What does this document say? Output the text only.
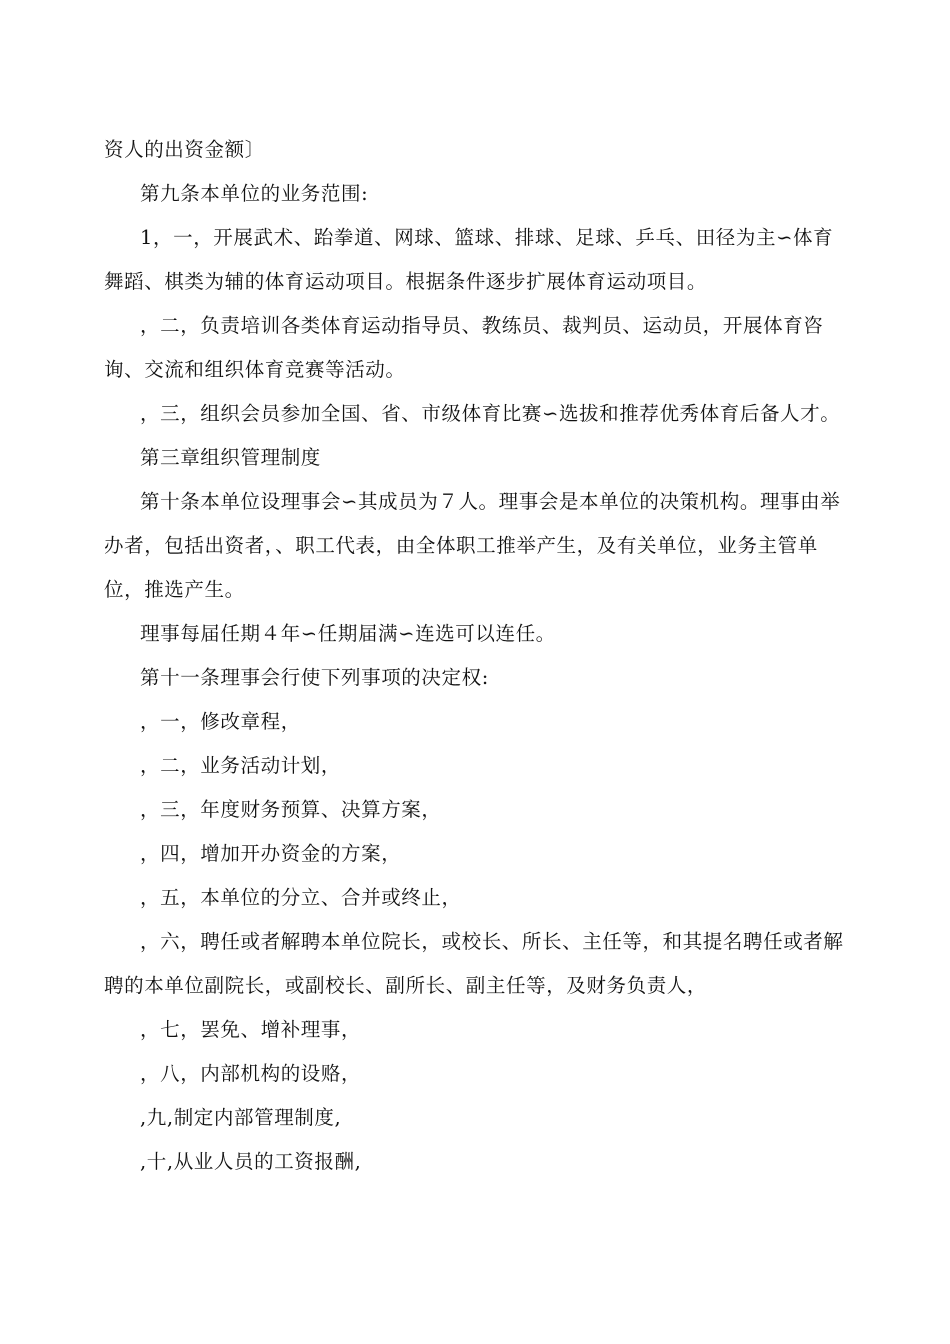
资人的出资金额〕

第九条本单位的业务范围:

1，一，开展武术、跆拳道、网球、篮球、排球、足球、乒乓、田径为主∽体育舞蹈、棋类为辅的体育运动项目。根据条件逐步扩展体育运动项目。

，二，负责培训各类体育运动指导员、教练员、裁判员、运动员，开展体育咨询、交流和组织体育竞赛等活动。

，三，组织会员参加全国、省、市级体育比赛∽选拔和推荐优秀体育后备人才。

第三章组织管理制度

第十条本单位设理事会∽其成员为７人。理事会是本单位的决策机构。理事由举办者，包括出资者，、职工代表，由全体职工推举产生，及有关单位，业务主管单位，推选产生。

理事每届任期４年∽任期届满∽连选可以连任。

第十一条理事会行使下列事项的决定权:

，一，修改章程，

，二，业务活动计划，

，三，年度财务预算、决算方案，

，四，增加开办资金的方案，

，五，本单位的分立、合并或终止，

，六，聘任或者解聘本单位院长，或校长、所长、主任等，和其提名聘任或者解聘的本单位副院长，或副校长、副所长、副主任等，及财务负责人，

，七，罢免、增补理事，

，八，内部机构的设赂，

,九,制定内部管理制度,

,十,从业人员的工资报酬,
